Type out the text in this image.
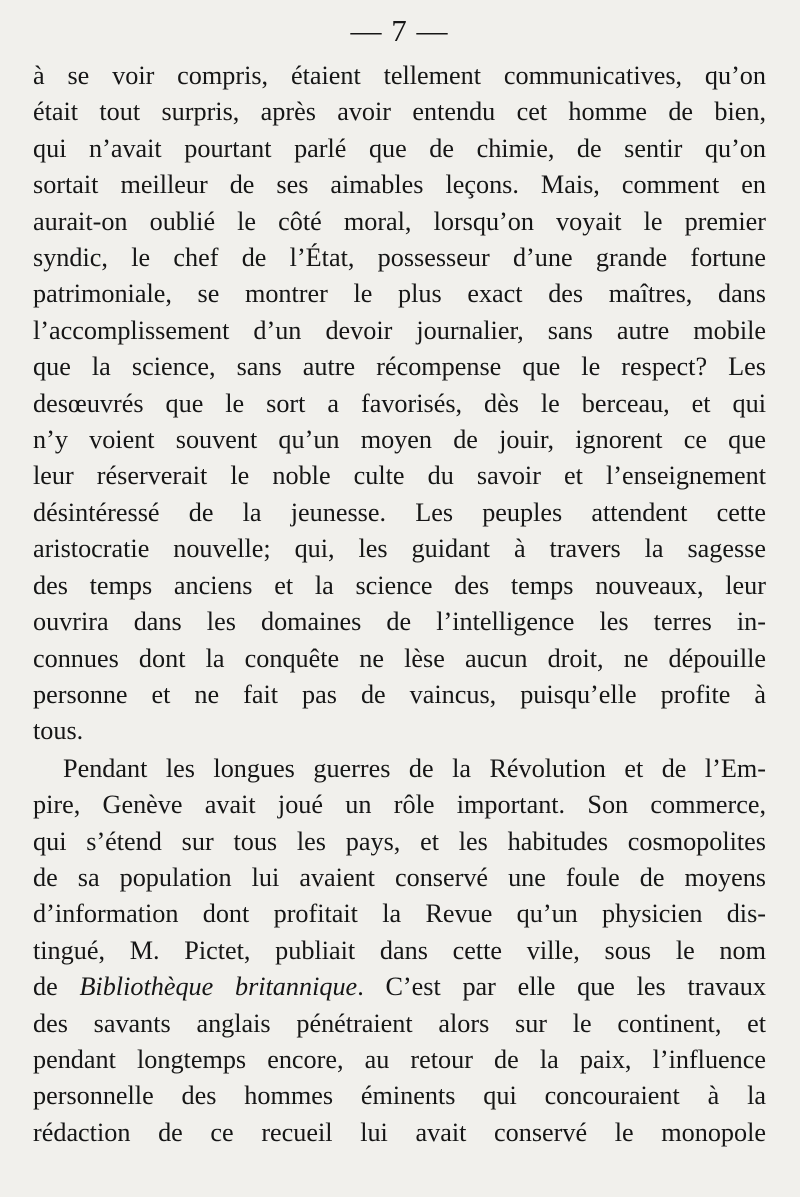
— 7 —

à se voir compris, étaient tellement communicatives, qu’on
était tout surpris, après avoir entendu cet homme de bien,
qui n’avait pourtant parlé que de chimie, de sentir qu’on
sortait meilleur de ses aimables leçons. Mais, comment en
aurait-on oublié le côté moral, lorsqu’on voyait le premier
syndic, le chef de l’État, possesseur d’une grande fortune
patrimoniale, se montrer le plus exact des maîtres, dans
l’accomplissement d’un devoir journalier, sans autre mobile
que la science, sans autre récompense que le respect? Les
desœuvrés que le sort a favorisés, dès le berceau, et qui
n’y voient souvent qu’un moyen de jouir, ignorent ce que
leur réserverait le noble culte du savoir et l’enseignement
désintéressé de la jeunesse. Les peuples attendent cette
aristocratie nouvelle; qui, les guidant à travers la sagesse
des temps anciens et la science des temps nouveaux, leur
ouvrira dans les domaines de l’intelligence les terres in-
connues dont la conquête ne lèse aucun droit, ne dépouille
personne et ne fait pas de vaincus, puisqu’elle profite à
tous.

Pendant les longues guerres de la Révolution et de l’Em-
pire, Genève avait joué un rôle important. Son commerce,
qui s’étend sur tous les pays, et les habitudes cosmopolites
de sa population lui avaient conservé une foule de moyens
d’information dont profitait la Revue qu’un physicien dis-
tingué, M. Pictet, publiait dans cette ville, sous le nom
de Bibliothèque britannique. C’est par elle que les travaux
des savants anglais pénétraient alors sur le continent, et
pendant longtemps encore, au retour de la paix, l’influence
personnelle des hommes éminents qui concouraient à la
rédaction de ce recueil lui avait conservé le monopole
